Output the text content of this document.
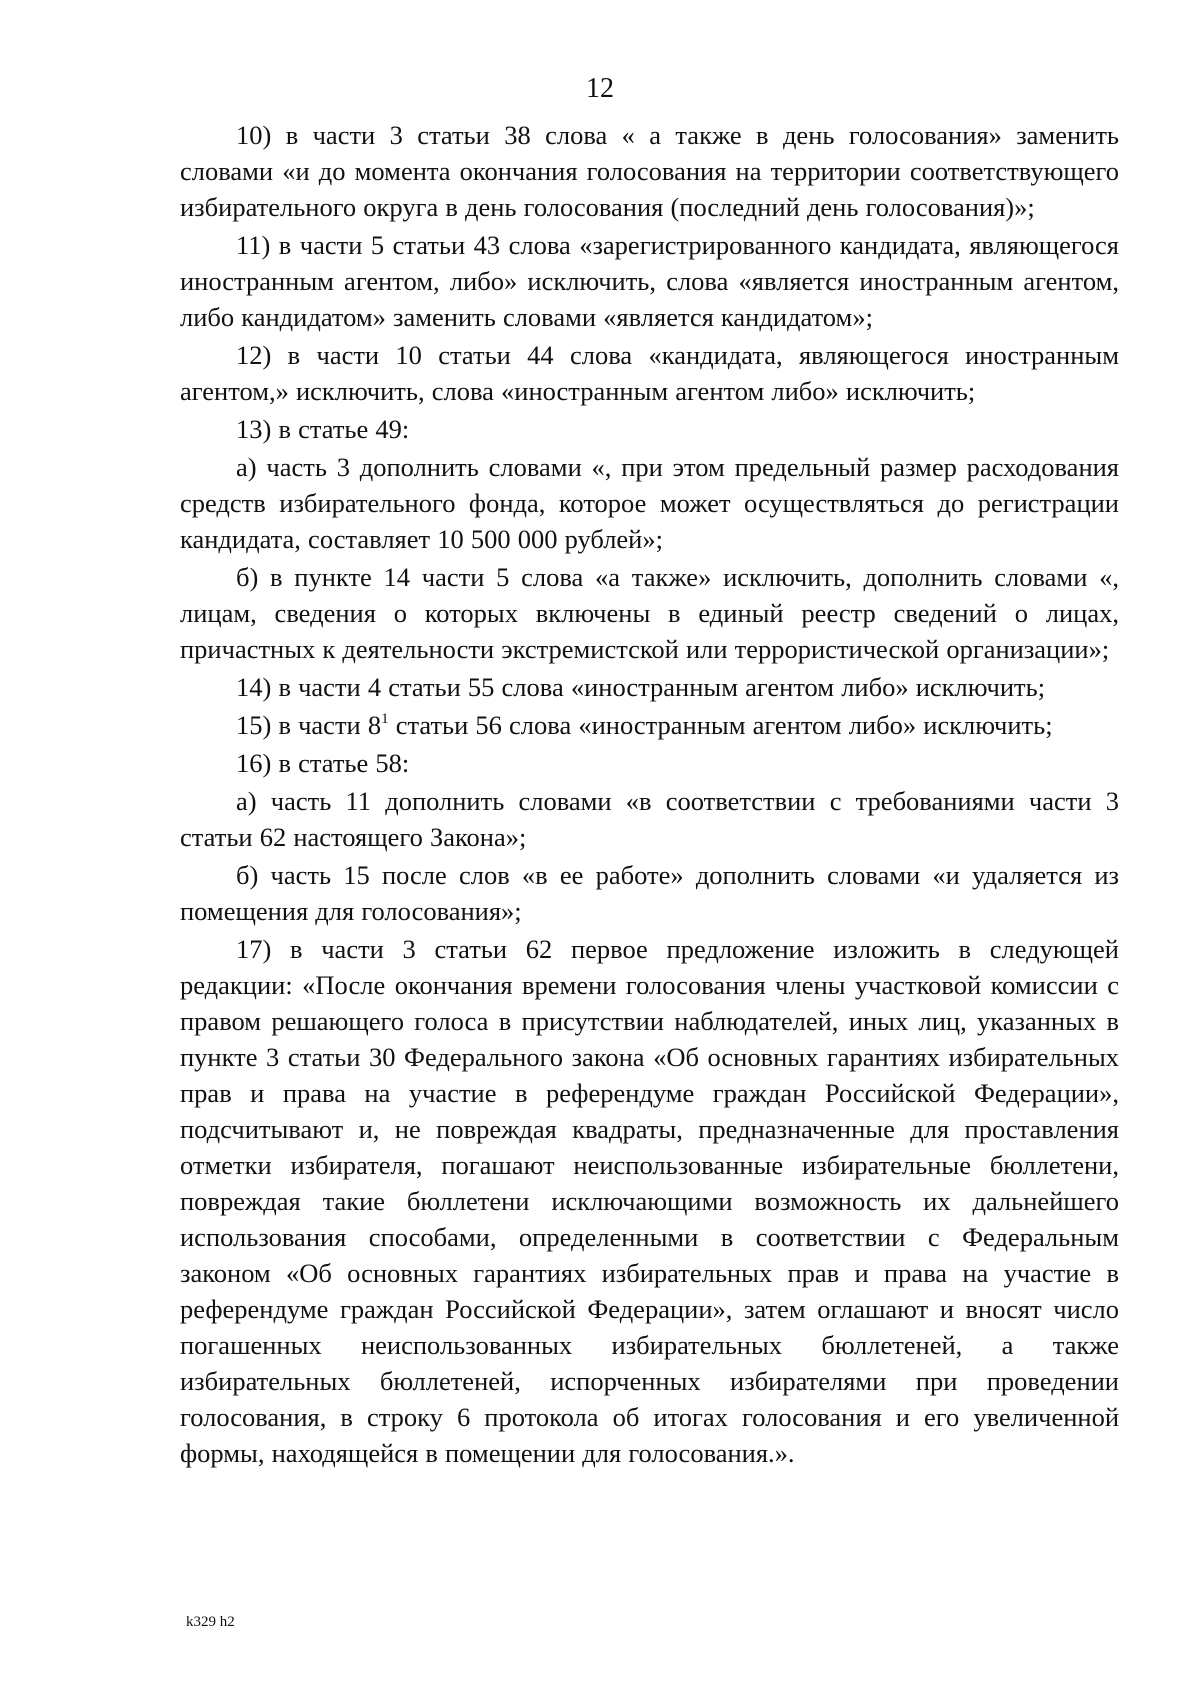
12

10) в части 3 статьи 38 слова « а также в день голосования» заменить словами «и до момента окончания голосования на территории соответствующего избирательного округа в день голосования (последний день голосования)»;

11) в части 5 статьи 43 слова «зарегистрированного кандидата, являющегося иностранным агентом, либо» исключить, слова «является иностранным агентом, либо кандидатом» заменить словами «является кандидатом»;

12) в части 10 статьи 44 слова «кандидата, являющегося иностранным агентом,» исключить, слова «иностранным агентом либо» исключить;

13) в статье 49:

а) часть 3 дополнить словами «, при этом предельный размер расходования средств избирательного фонда, которое может осуществляться до регистрации кандидата, составляет 10 500 000 рублей»;

б) в пункте 14 части 5 слова «а также» исключить, дополнить словами «, лицам, сведения о которых включены в единый реестр сведений о лицах, причастных к деятельности экстремистской или террористической организации»;

14) в части 4 статьи 55 слова «иностранным агентом либо» исключить;

15) в части $8^1$ статьи 56 слова «иностранным агентом либо» исключить;

16) в статье 58:

а) часть 11 дополнить словами «в соответствии с требованиями части 3 статьи 62 настоящего Закона»;

б) часть 15 после слов «в ее работе» дополнить словами «и удаляется из помещения для голосования»;

17) в части 3 статьи 62 первое предложение изложить в следующей редакции: «После окончания времени голосования члены участковой комиссии с правом решающего голоса в присутствии наблюдателей, иных лиц, указанных в пункте 3 статьи 30 Федерального закона «Об основных гарантиях избирательных прав и права на участие в референдуме граждан Российской Федерации», подсчитывают и, не повреждая квадраты, предназначенные для проставления отметки избирателя, погашают неиспользованные избирательные бюллетени, повреждая такие бюллетени исключающими возможность их дальнейшего использования способами, определенными в соответствии с Федеральным законом «Об основных гарантиях избирательных прав и права на участие в референдуме граждан Российской Федерации», затем оглашают и вносят число погашенных неиспользованных избирательных бюллетеней, а также избирательных бюллетеней, испорченных избирателями при проведении голосования, в строку 6 протокола об итогах голосования и его увеличенной формы, находящейся в помещении для голосования.».

k329 h2
